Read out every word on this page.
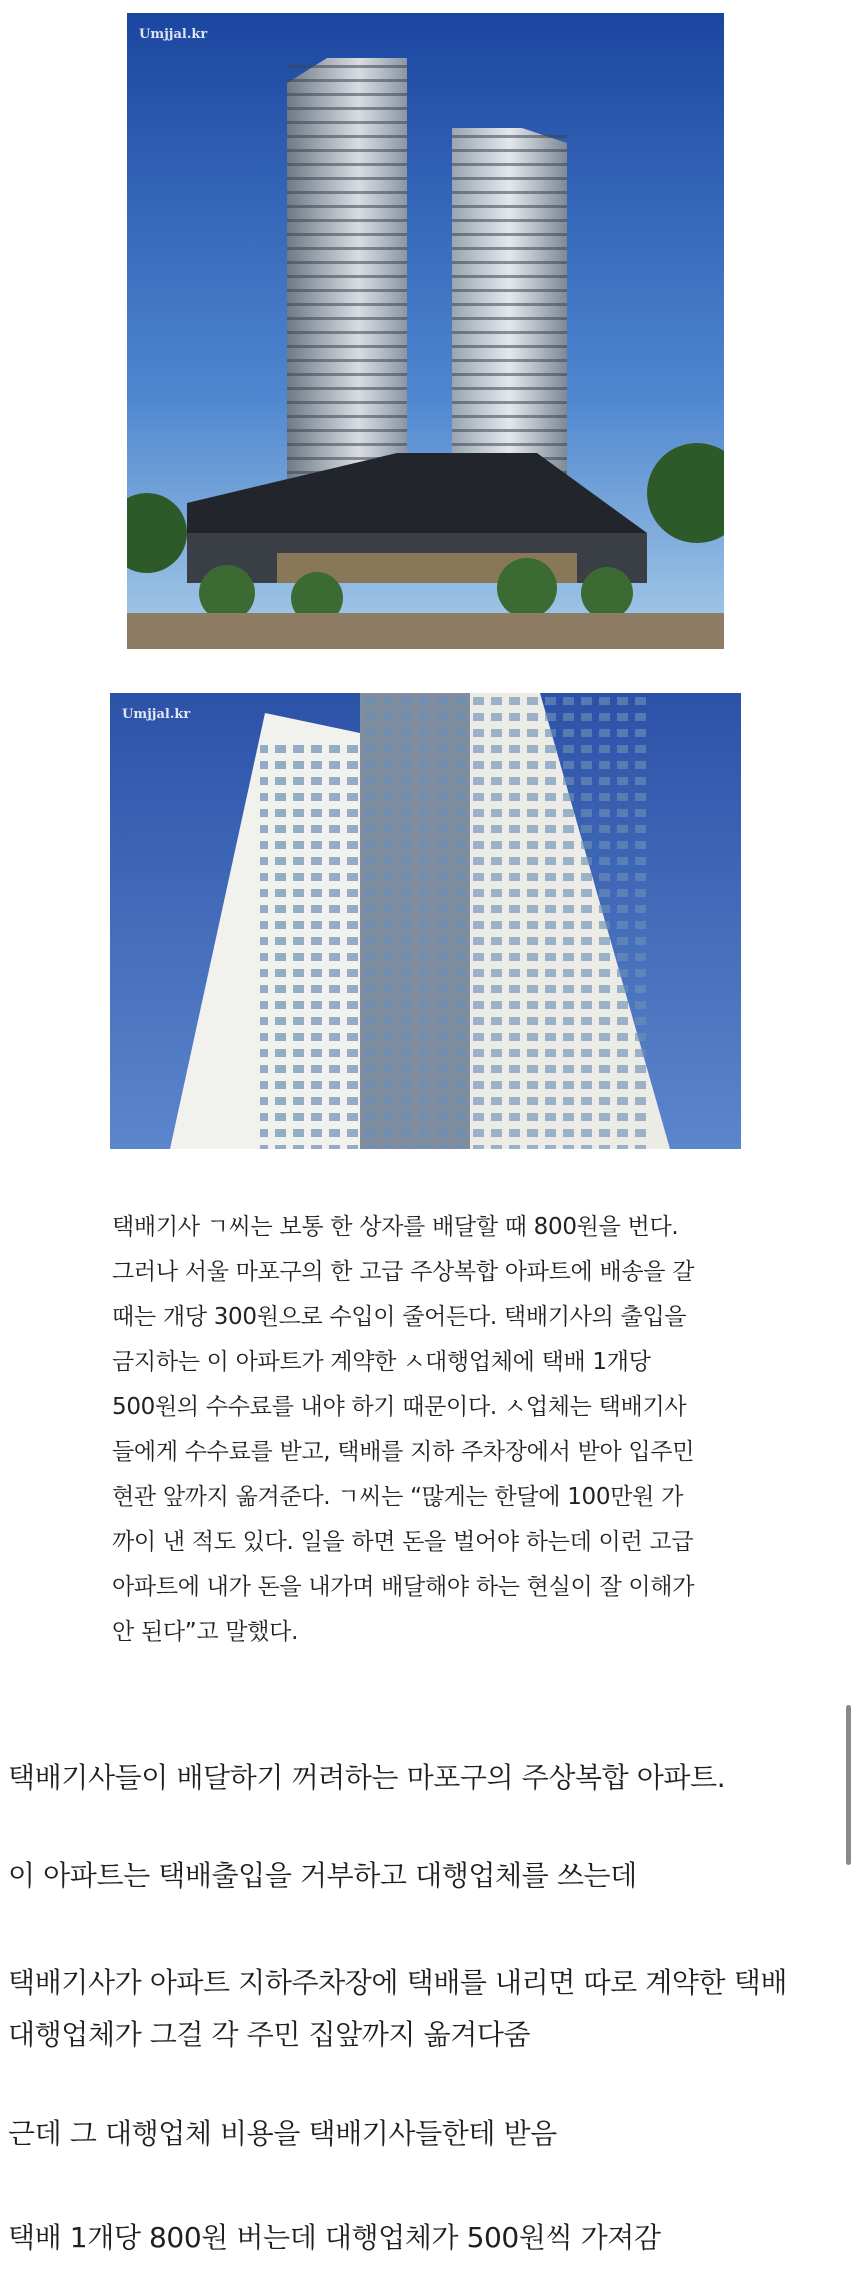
Umjjal.kr
Umjjal.kr
택배기사 ㄱ씨는 보통 한 상자를 배달할 때 800원을 번다.
그러나 서울 마포구의 한 고급 주상복합 아파트에 배송을 갈
때는 개당 300원으로 수입이 줄어든다. 택배기사의 출입을
금지하는 이 아파트가 계약한 ㅅ대행업체에 택배 1개당
500원의 수수료를 내야 하기 때문이다. ㅅ업체는 택배기사
들에게 수수료를 받고, 택배를 지하 주차장에서 받아 입주민
현관 앞까지 옮겨준다. ㄱ씨는 “많게는 한달에 100만원 가
까이 낸 적도 있다. 일을 하면 돈을 벌어야 하는데 이런 고급
아파트에 내가 돈을 내가며 배달해야 하는 현실이 잘 이해가
안 된다”고 말했다.
택배기사들이 배달하기 꺼려하는 마포구의 주상복합 아파트.
이 아파트는 택배출입을 거부하고 대행업체를 쓰는데
택배기사가 아파트 지하주차장에 택배를 내리면 따로 계약한 택배
대행업체가 그걸 각 주민 집앞까지 옮겨다줌
근데 그 대행업체 비용을 택배기사들한테 받음
택배 1개당 800원 버는데 대행업체가 500원씩 가져감
